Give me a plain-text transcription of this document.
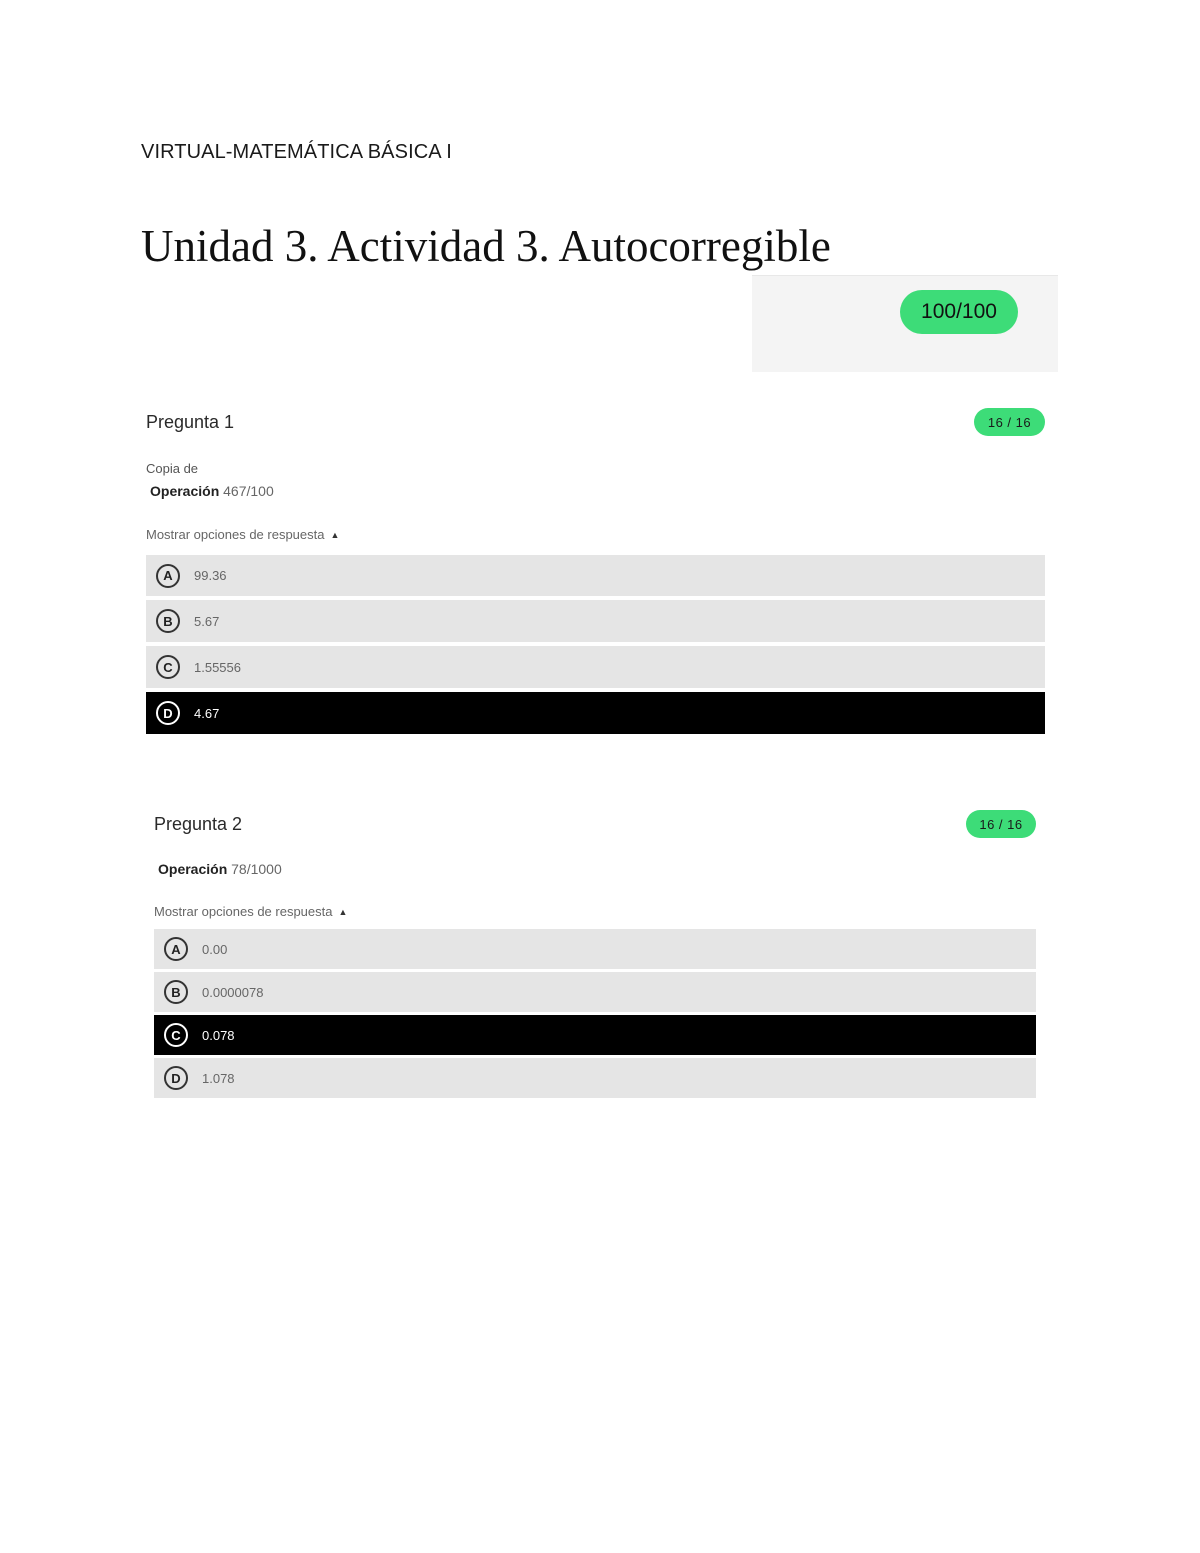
VIRTUAL-MATEMÁTICA BÁSICA I
Unidad 3. Actividad 3. Autocorregible
100/100
Pregunta 1	16 / 16
Copia de
Operación 467/100
Mostrar opciones de respuesta ▲
A	99.36
B	5.67
C	1.55556
D	4.67
Pregunta 2	16 / 16
Operación 78/1000
Mostrar opciones de respuesta ▲
A	0.00
B	0.0000078
C	0.078
D	1.078
